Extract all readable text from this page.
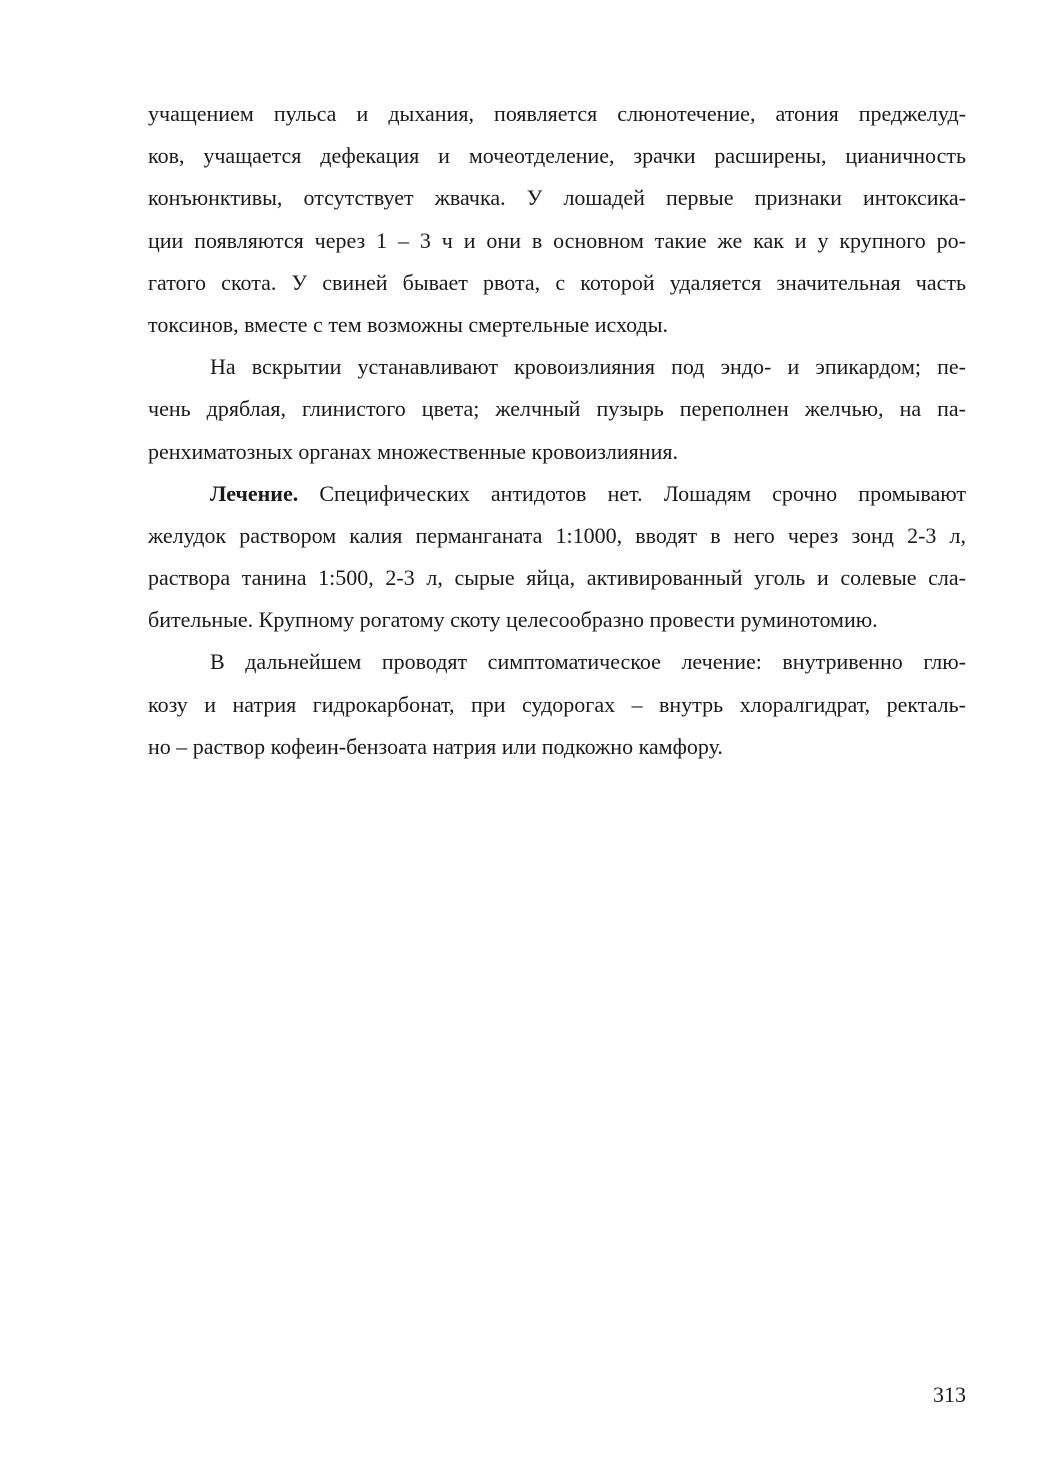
учащением пульса и дыхания, появляется слюнотечение, атония преджелуд-
ков, учащается дефекация и мочеотделение, зрачки расширены, цианичность
конъюнктивы, отсутствует жвачка. У лошадей первые признаки интоксика-
ции появляются через 1 – 3 ч и они в основном такие же как и у крупного ро-
гатого скота. У свиней бывает рвота, с которой удаляется значительная часть
токсинов, вместе с тем возможны смертельные исходы.

На вскрытии устанавливают кровоизлияния под эндо- и эпикардом; пе-
чень дряблая, глинистого цвета; желчный пузырь переполнен желчью, на па-
ренхиматозных органах множественные кровоизлияния.

Лечение. Специфических антидотов нет. Лошадям срочно промывают
желудок раствором калия перманганата 1:1000, вводят в него через зонд 2-3 л,
раствора танина 1:500, 2-3 л, сырые яйца, активированный уголь и солевые сла-
бительные. Крупному рогатому скоту целесообразно провести руминотомию.

В дальнейшем проводят симптоматическое лечение: внутривенно глю-
козу и натрия гидрокарбонат, при судорогах – внутрь хлоралгидрат, ректаль-
но – раствор кофеин-бензоата натрия или подкожно камфору.

313
